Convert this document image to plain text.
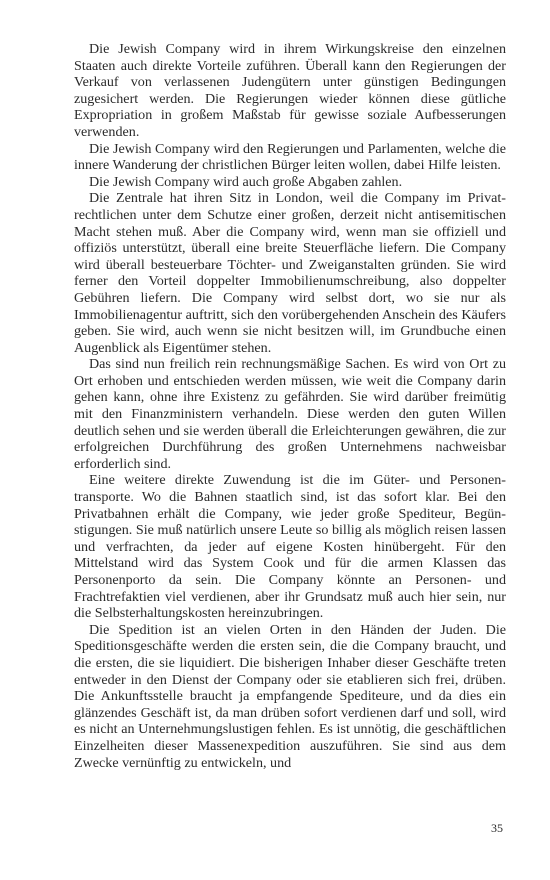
Die Jewish Company wird in ihrem Wirkungskreise den einzelnen Staaten auch direkte Vorteile zuführen. Überall kann den Regierungen der Verkauf von verlassenen Judengütern unter günstigen Bedingungen zugesichert werden. Die Regierungen wieder können diese gütliche Expropriation in großem Maßstab für gewisse soziale Aufbesserungen verwenden.

Die Jewish Company wird den Regierungen und Parlamenten, welche die innere Wanderung der christlichen Bürger leiten wollen, dabei Hilfe leisten.

Die Jewish Company wird auch große Abgaben zahlen.

Die Zentrale hat ihren Sitz in London, weil die Company im Privatrechtlichen unter dem Schutze einer großen, derzeit nicht antisemitischen Macht stehen muß. Aber die Company wird, wenn man sie offiziell und offiziös unterstützt, überall eine breite Steuerfläche liefern. Die Company wird überall besteuerbare Töchter- und Zweiganstalten gründen. Sie wird ferner den Vorteil doppelter Immobilienumschreibung, also doppelter Gebühren liefern. Die Company wird selbst dort, wo sie nur als Immobilienagentur auftritt, sich den vorübergehenden Anschein des Käufers geben. Sie wird, auch wenn sie nicht besitzen will, im Grundbuche einen Augenblick als Eigentümer stehen.

Das sind nun freilich rein rechnungsmäßige Sachen. Es wird von Ort zu Ort erhoben und entschieden werden müssen, wie weit die Company darin gehen kann, ohne ihre Existenz zu gefährden. Sie wird darüber freimütig mit den Finanzministern verhandeln. Diese werden den guten Willen deutlich sehen und sie werden überall die Erleichterungen gewähren, die zur erfolgreichen Durchführung des großen Unternehmens nachweisbar erforderlich sind.

Eine weitere direkte Zuwendung ist die im Güter- und Personentransporte. Wo die Bahnen staatlich sind, ist das sofort klar. Bei den Privatbahnen erhält die Company, wie jeder große Spediteur, Begünstigungen. Sie muß natürlich unsere Leute so billig als möglich reisen lassen und verfrachten, da jeder auf eigene Kosten hinübergeht. Für den Mittelstand wird das System Cook und für die armen Klassen das Personenporto da sein. Die Company könnte an Personen- und Frachtrefaktien viel verdienen, aber ihr Grundsatz muß auch hier sein, nur die Selbsterhaltungskosten hereinzubringen.

Die Spedition ist an vielen Orten in den Händen der Juden. Die Speditionsgeschäfte werden die ersten sein, die die Company braucht, und die ersten, die sie liquidiert. Die bisherigen Inhaber dieser Geschäfte treten entweder in den Dienst der Company oder sie etablieren sich frei, drüben. Die Ankunftsstelle braucht ja empfangende Spediteure, und da dies ein glänzendes Geschäft ist, da man drüben sofort verdienen darf und soll, wird es nicht an Unternehmungslustigen fehlen. Es ist unnötig, die geschäftlichen Einzelheiten dieser Massenexpedition auszuführen. Sie sind aus dem Zwecke vernünftig zu entwickeln, und

35
